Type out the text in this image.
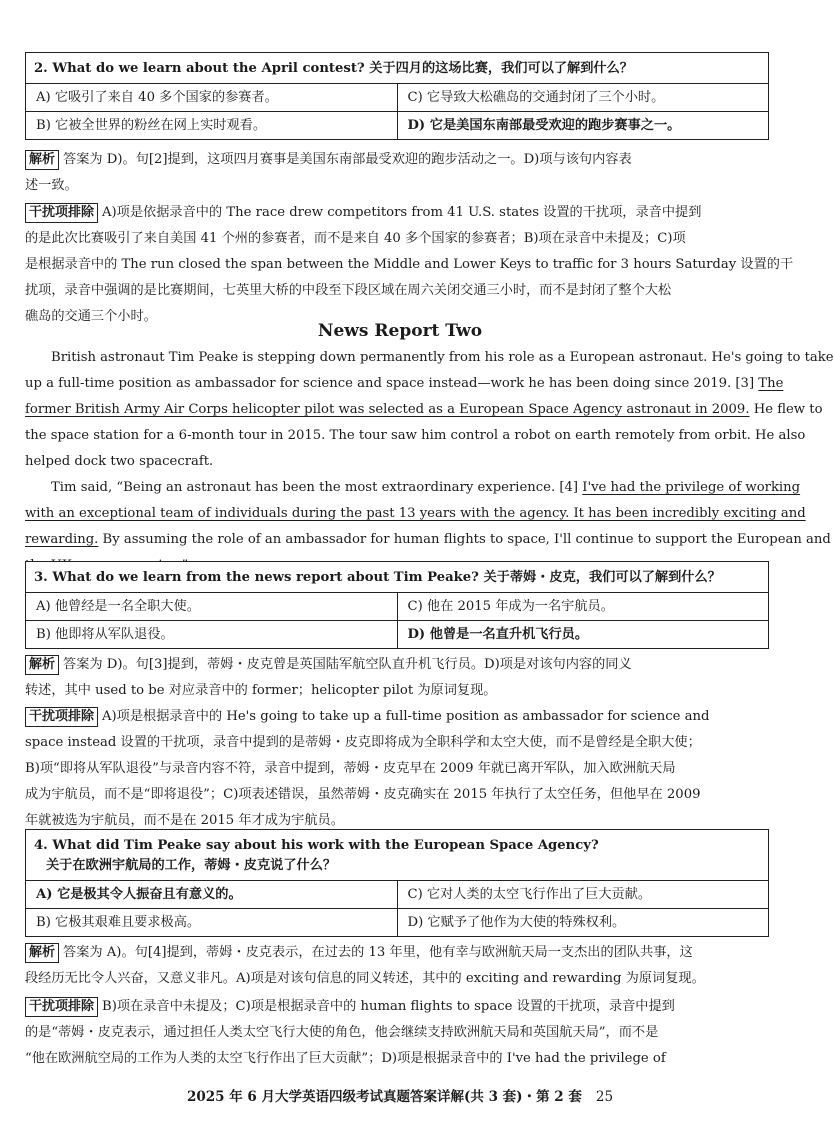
2. What do we learn about the April contest? 关于四月的这场比赛，我们可以了解到什么？
A) 它吸引了来自 40 多个国家的参赛者。	C) 它导致大松礁岛的交通封闭了三个小时。
B) 它被全世界的粉丝在网上实时观看。	D) 它是美国东南部最受欢迎的跑步赛事之一。
解析 答案为 D)。句[2]提到，这项四月赛事是美国东南部最受欢迎的跑步活动之一。D)项与该句内容表
述一致。
干扰项排除 A)项是依据录音中的 The race drew competitors from 41 U.S. states 设置的干扰项，录音中提到
的是此次比赛吸引了来自美国 41 个州的参赛者，而不是来自 40 多个国家的参赛者；B)项在录音中未提及；C)项
是根据录音中的 The run closed the span between the Middle and Lower Keys to traffic for 3 hours Saturday 设置的干
扰项，录音中强调的是比赛期间，七英里大桥的中段至下段区域在周六关闭交通三小时，而不是封闭了整个大松
礁岛的交通三个小时。
News Report Two
British astronaut Tim Peake is stepping down permanently from his role as a European astronaut. He's going to take
up a full-time position as ambassador for science and space instead—work he has been doing since 2019. [3] The
former British Army Air Corps helicopter pilot was selected as a European Space Agency astronaut in 2009. He flew to
the space station for a 6-month tour in 2015. The tour saw him control a robot on earth remotely from orbit. He also
helped dock two spacecraft.
Tim said, “Being an astronaut has been the most extraordinary experience. [4] I've had the privilege of working
with an exceptional team of individuals during the past 13 years with the agency. It has been incredibly exciting and
rewarding. By assuming the role of an ambassador for human flights to space, I'll continue to support the European and
3. What do we learn from the news report about Tim Peake? 关于蒂姆・皮克，我们可以了解到什么？
A) 他曾经是一名全职大使。	C) 他在 2015 年成为一名宇航员。
B) 他即将从军队退役。	D) 他曾是一名直升机飞行员。
解析 答案为 D)。句[3]提到，蒂姆・皮克曾是英国陆军航空队直升机飞行员。D)项是对该句内容的同义
转述，其中 used to be 对应录音中的 former；helicopter pilot 为原词复现。
干扰项排除 A)项是根据录音中的 He's going to take up a full-time position as ambassador for science and
space instead 设置的干扰项，录音中提到的是蒂姆・皮克即将成为全职科学和太空大使，而不是曾经是全职大使；
B)项“即将从军队退役”与录音内容不符，录音中提到，蒂姆・皮克早在 2009 年就已离开军队，加入欧洲航天局
成为宇航员，而不是“即将退役”；C)项表述错误，虽然蒂姆・皮克确实在 2015 年执行了太空任务，但他早在 2009
年就被选为宇航员，而不是在 2015 年才成为宇航员。
4. What did Tim Peake say about his work with the European Space Agency?
关于在欧洲宇航局的工作，蒂姆・皮克说了什么？
A) 它是极其令人振奋且有意义的。	C) 它对人类的太空飞行作出了巨大贡献。
B) 它极其艰难且要求极高。	D) 它赋予了他作为大使的特殊权利。
解析 答案为 A)。句[4]提到，蒂姆・皮克表示，在过去的 13 年里，他有幸与欧洲航天局一支杰出的团队共事，这
段经历无比令人兴奋，又意义非凡。A)项是对该句信息的同义转述，其中的 exciting and rewarding 为原词复现。
干扰项排除 B)项在录音中未提及；C)项是根据录音中的 human flights to space 设置的干扰项，录音中提到
的是“蒂姆・皮克表示，通过担任人类太空飞行大使的角色，他会继续支持欧洲航天局和英国航天局”，而不是
“他在欧洲航空局的工作为人类的太空飞行作出了巨大贡献”；D)项是根据录音中的 I've had the privilege of
2025 年 6 月大学英语四级考试真题答案详解(共 3 套)・第 2 套 25
